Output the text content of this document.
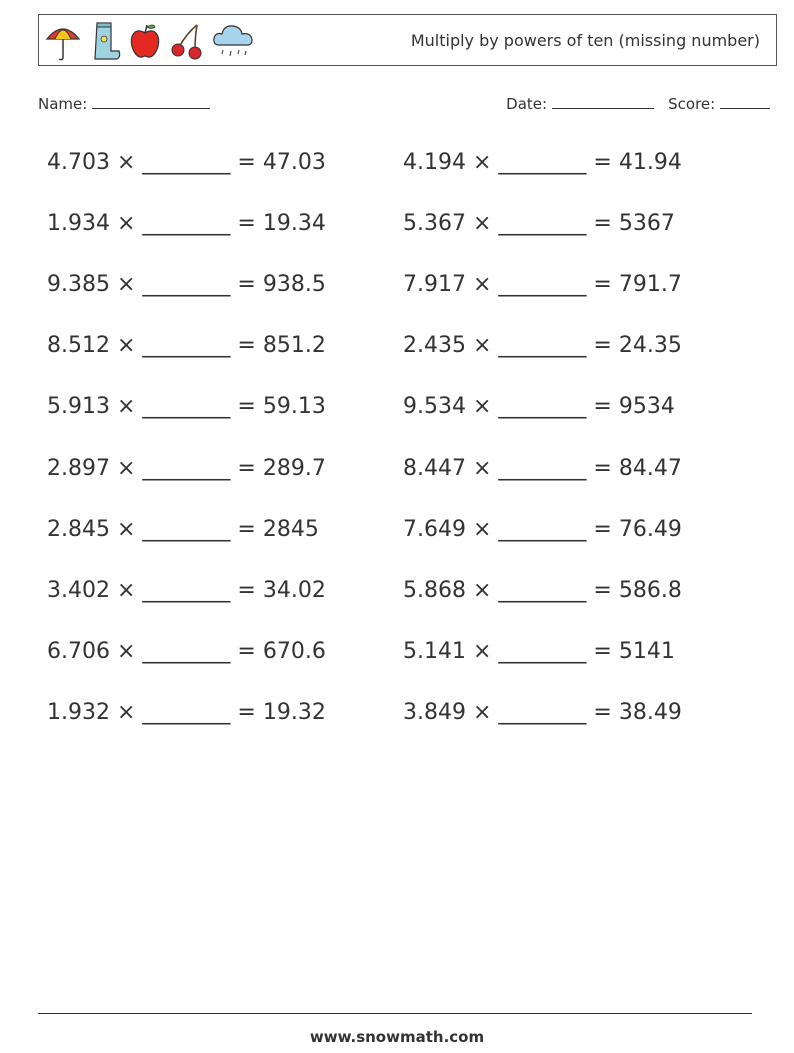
Multiply by powers of ten (missing number)
Name:	Date:	Score:
4.703 × ________ = 47.03
1.934 × ________ = 19.34
9.385 × ________ = 938.5
8.512 × ________ = 851.2
5.913 × ________ = 59.13
2.897 × ________ = 289.7
2.845 × ________ = 2845
3.402 × ________ = 34.02
6.706 × ________ = 670.6
1.932 × ________ = 19.32
4.194 × ________ = 41.94
5.367 × ________ = 5367
7.917 × ________ = 791.7
2.435 × ________ = 24.35
9.534 × ________ = 9534
8.447 × ________ = 84.47
7.649 × ________ = 76.49
5.868 × ________ = 586.8
5.141 × ________ = 5141
3.849 × ________ = 38.49
www.snowmath.com
